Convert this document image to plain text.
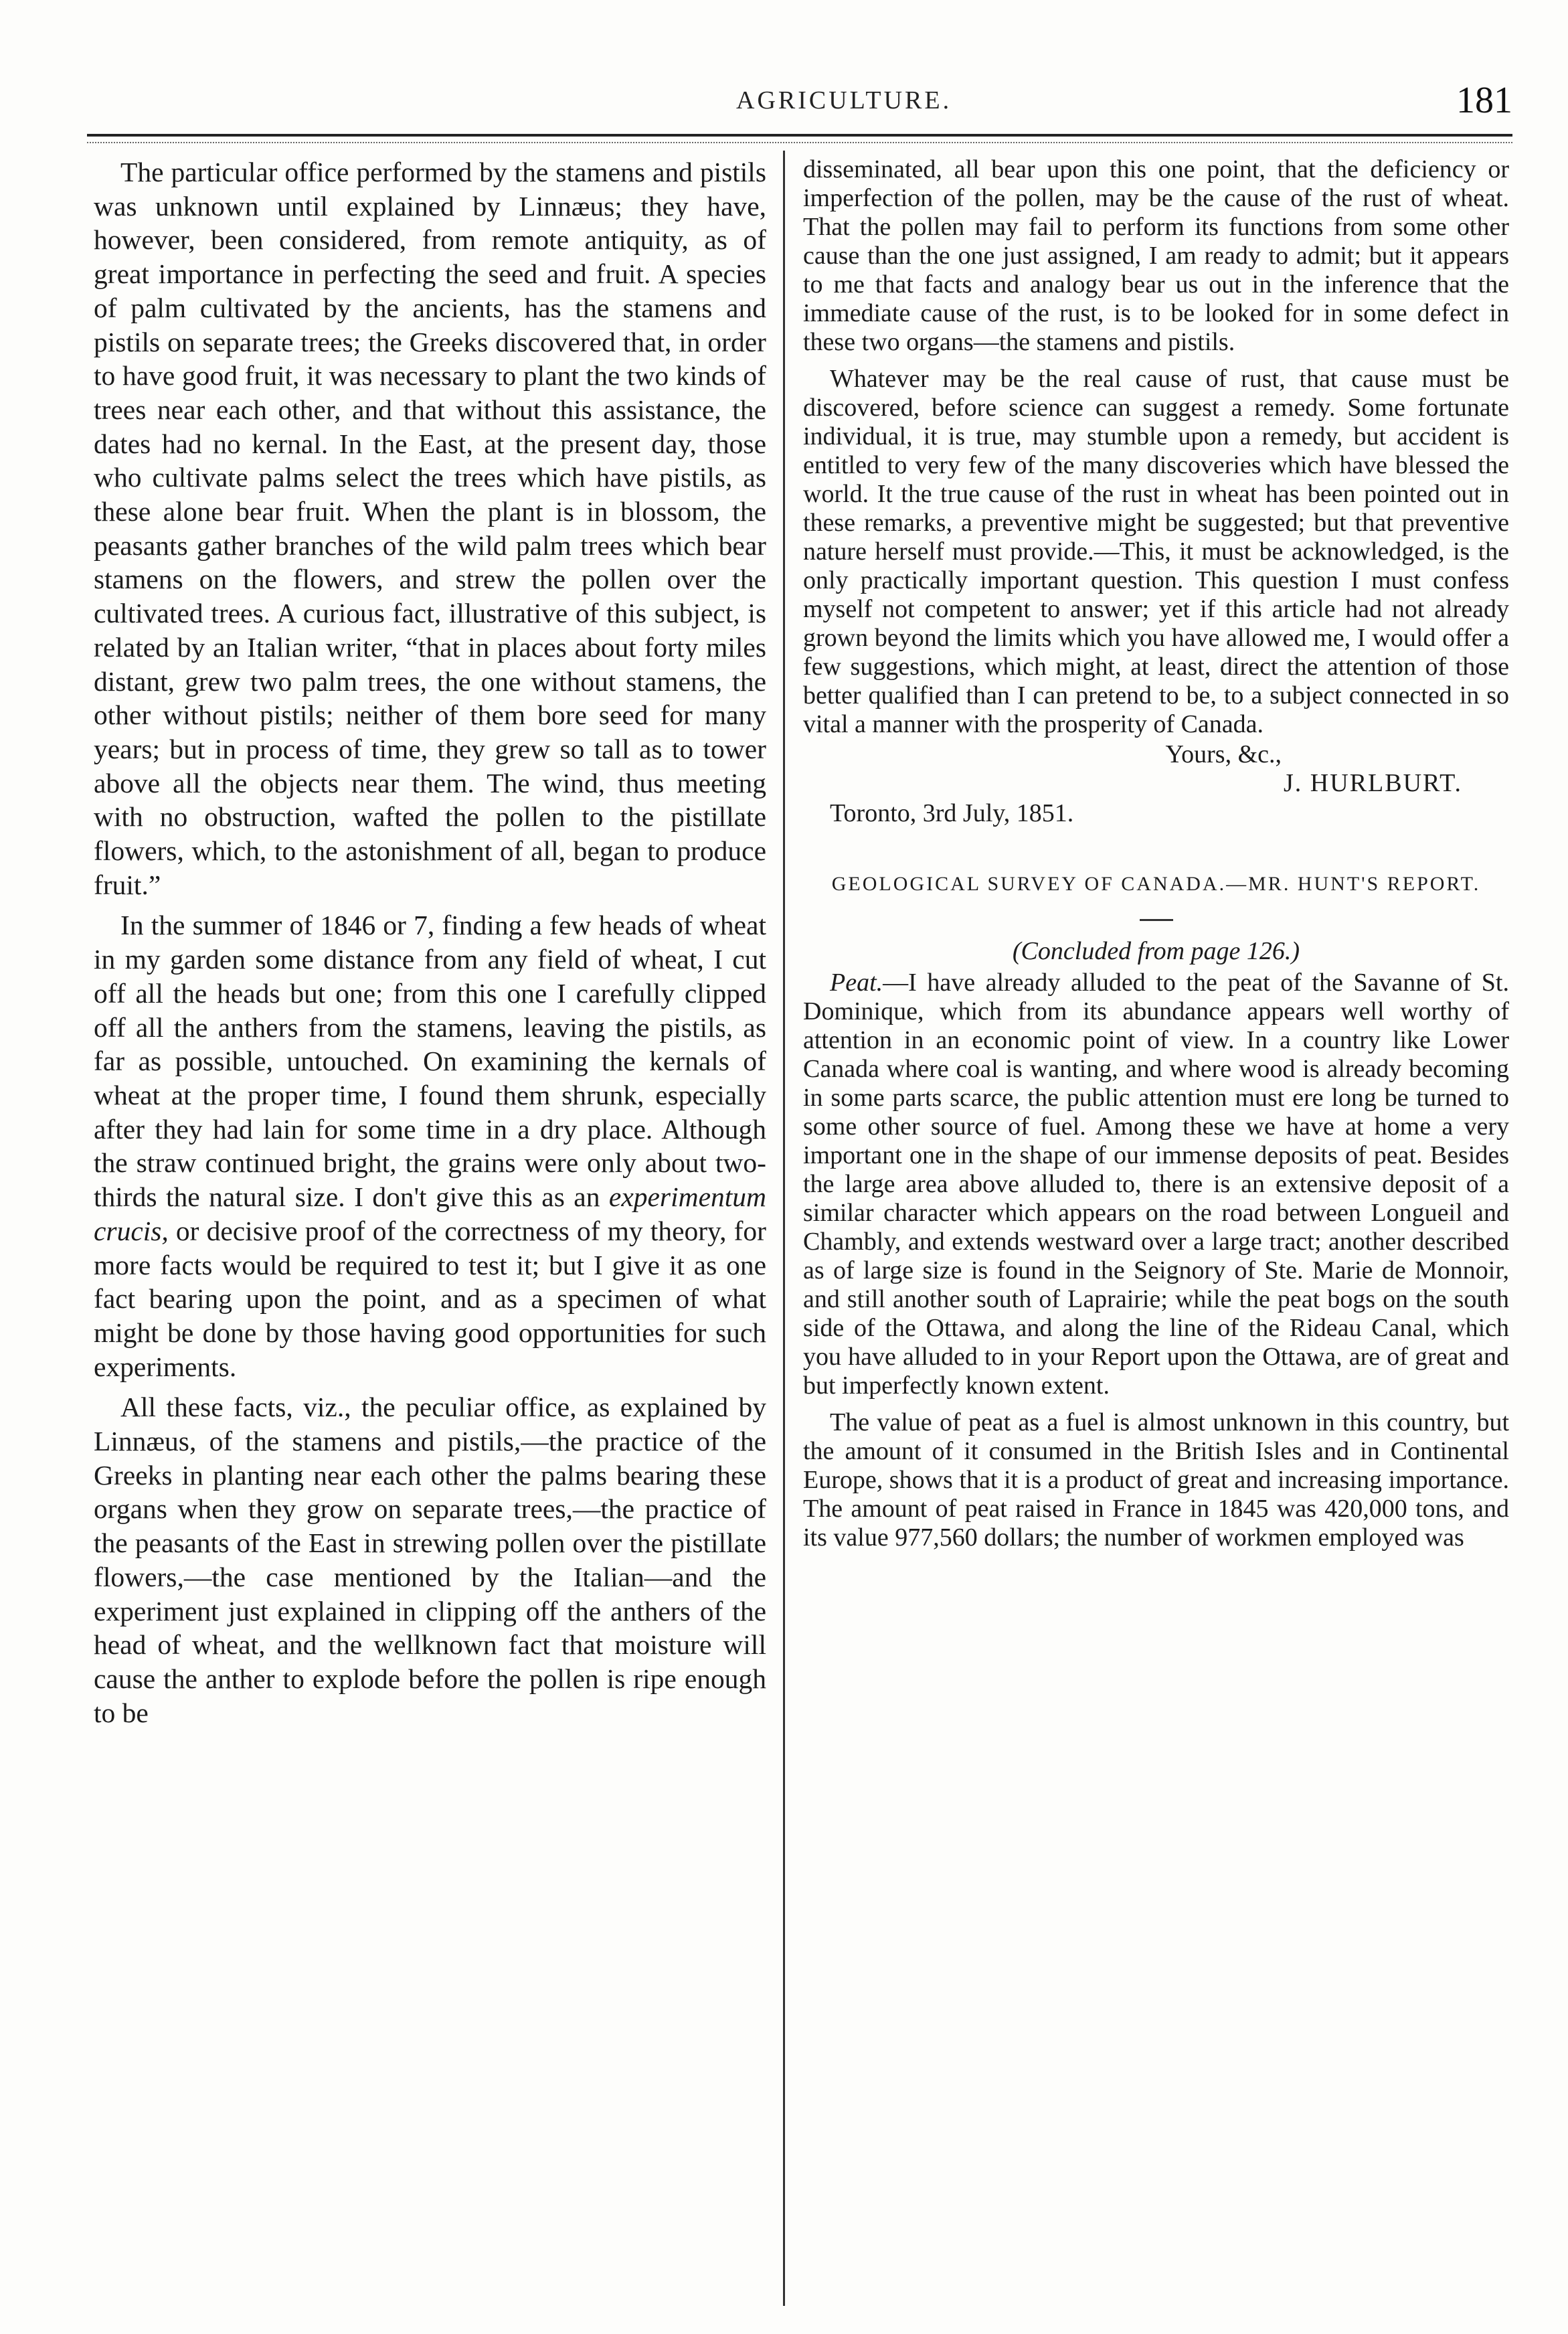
AGRICULTURE.	181

The particular office performed by the stamens and pistils was unknown until explained by Linnæus; they have, however, been considered, from remote antiquity, as of great importance in perfecting the seed and fruit. A species of palm cultivated by the ancients, has the stamens and pistils on separate trees; the Greeks discovered that, in order to have good fruit, it was necessary to plant the two kinds of trees near each other, and that without this assistance, the dates had no kernal. In the East, at the present day, those who cultivate palms select the trees which have pistils, as these alone bear fruit. When the plant is in blossom, the peasants gather branches of the wild palm trees which bear stamens on the flowers, and strew the pollen over the cultivated trees. A curious fact, illustrative of this subject, is related by an Italian writer, “that in places about forty miles distant, grew two palm trees, the one without stamens, the other without pistils; neither of them bore seed for many years; but in process of time, they grew so tall as to tower above all the objects near them. The wind, thus meeting with no obstruction, wafted the pollen to the pistillate flowers, which, to the astonishment of all, began to produce fruit.”

In the summer of 1846 or 7, finding a few heads of wheat in my garden some distance from any field of wheat, I cut off all the heads but one; from this one I carefully clipped off all the anthers from the stamens, leaving the pistils, as far as possible, untouched. On examining the kernals of wheat at the proper time, I found them shrunk, especially after they had lain for some time in a dry place. Although the straw continued bright, the grains were only about two-thirds the natural size. I don't give this as an experimentum crucis, or decisive proof of the correctness of my theory, for more facts would be required to test it; but I give it as one fact bearing upon the point, and as a specimen of what might be done by those having good opportunities for such experiments.

All these facts, viz., the peculiar office, as explained by Linnæus, of the stamens and pistils,—the practice of the Greeks in planting near each other the palms bearing these organs when they grow on separate trees,—the practice of the peasants of the East in strewing pollen over the pistillate flowers,—the case mentioned by the Italian—and the experiment just explained in clipping off the anthers of the head of wheat, and the wellknown fact that moisture will cause the anther to explode before the pollen is ripe enough to be

disseminated, all bear upon this one point, that the deficiency or imperfection of the pollen, may be the cause of the rust of wheat. That the pollen may fail to perform its functions from some other cause than the one just assigned, I am ready to admit; but it appears to me that facts and analogy bear us out in the inference that the immediate cause of the rust, is to be looked for in some defect in these two organs—the stamens and pistils.

Whatever may be the real cause of rust, that cause must be discovered, before science can suggest a remedy. Some fortunate individual, it is true, may stumble upon a remedy, but accident is entitled to very few of the many discoveries which have blessed the world. It the true cause of the rust in wheat has been pointed out in these remarks, a preventive might be suggested; but that preventive nature herself must provide.—This, it must be acknowledged, is the only practically important question. This question I must confess myself not competent to answer; yet if this article had not already grown beyond the limits which you have allowed me, I would offer a few suggestions, which might, at least, direct the attention of those better qualified than I can pretend to be, to a subject connected in so vital a manner with the prosperity of Canada.

Yours, &c.,
J. HURLBURT.
Toronto, 3rd July, 1851.
GEOLOGICAL SURVEY OF CANADA.—MR. HUNT'S REPORT.
(Concluded from page 126.)

Peat.—I have already alluded to the peat of the Savanne of St. Dominique, which from its abundance appears well worthy of attention in an economic point of view. In a country like Lower Canada where coal is wanting, and where wood is already becoming in some parts scarce, the public attention must ere long be turned to some other source of fuel. Among these we have at home a very important one in the shape of our immense deposits of peat. Besides the large area above alluded to, there is an extensive deposit of a similar character which appears on the road between Longueil and Chambly, and extends westward over a large tract; another described as of large size is found in the Seignory of Ste. Marie de Monnoir, and still another south of Laprairie; while the peat bogs on the south side of the Ottawa, and along the line of the Rideau Canal, which you have alluded to in your Report upon the Ottawa, are of great and but imperfectly known extent.

The value of peat as a fuel is almost unknown in this country, but the amount of it consumed in the British Isles and in Continental Europe, shows that it is a product of great and increasing importance. The amount of peat raised in France in 1845 was 420,000 tons, and its value 977,560 dollars; the number of workmen employed was
